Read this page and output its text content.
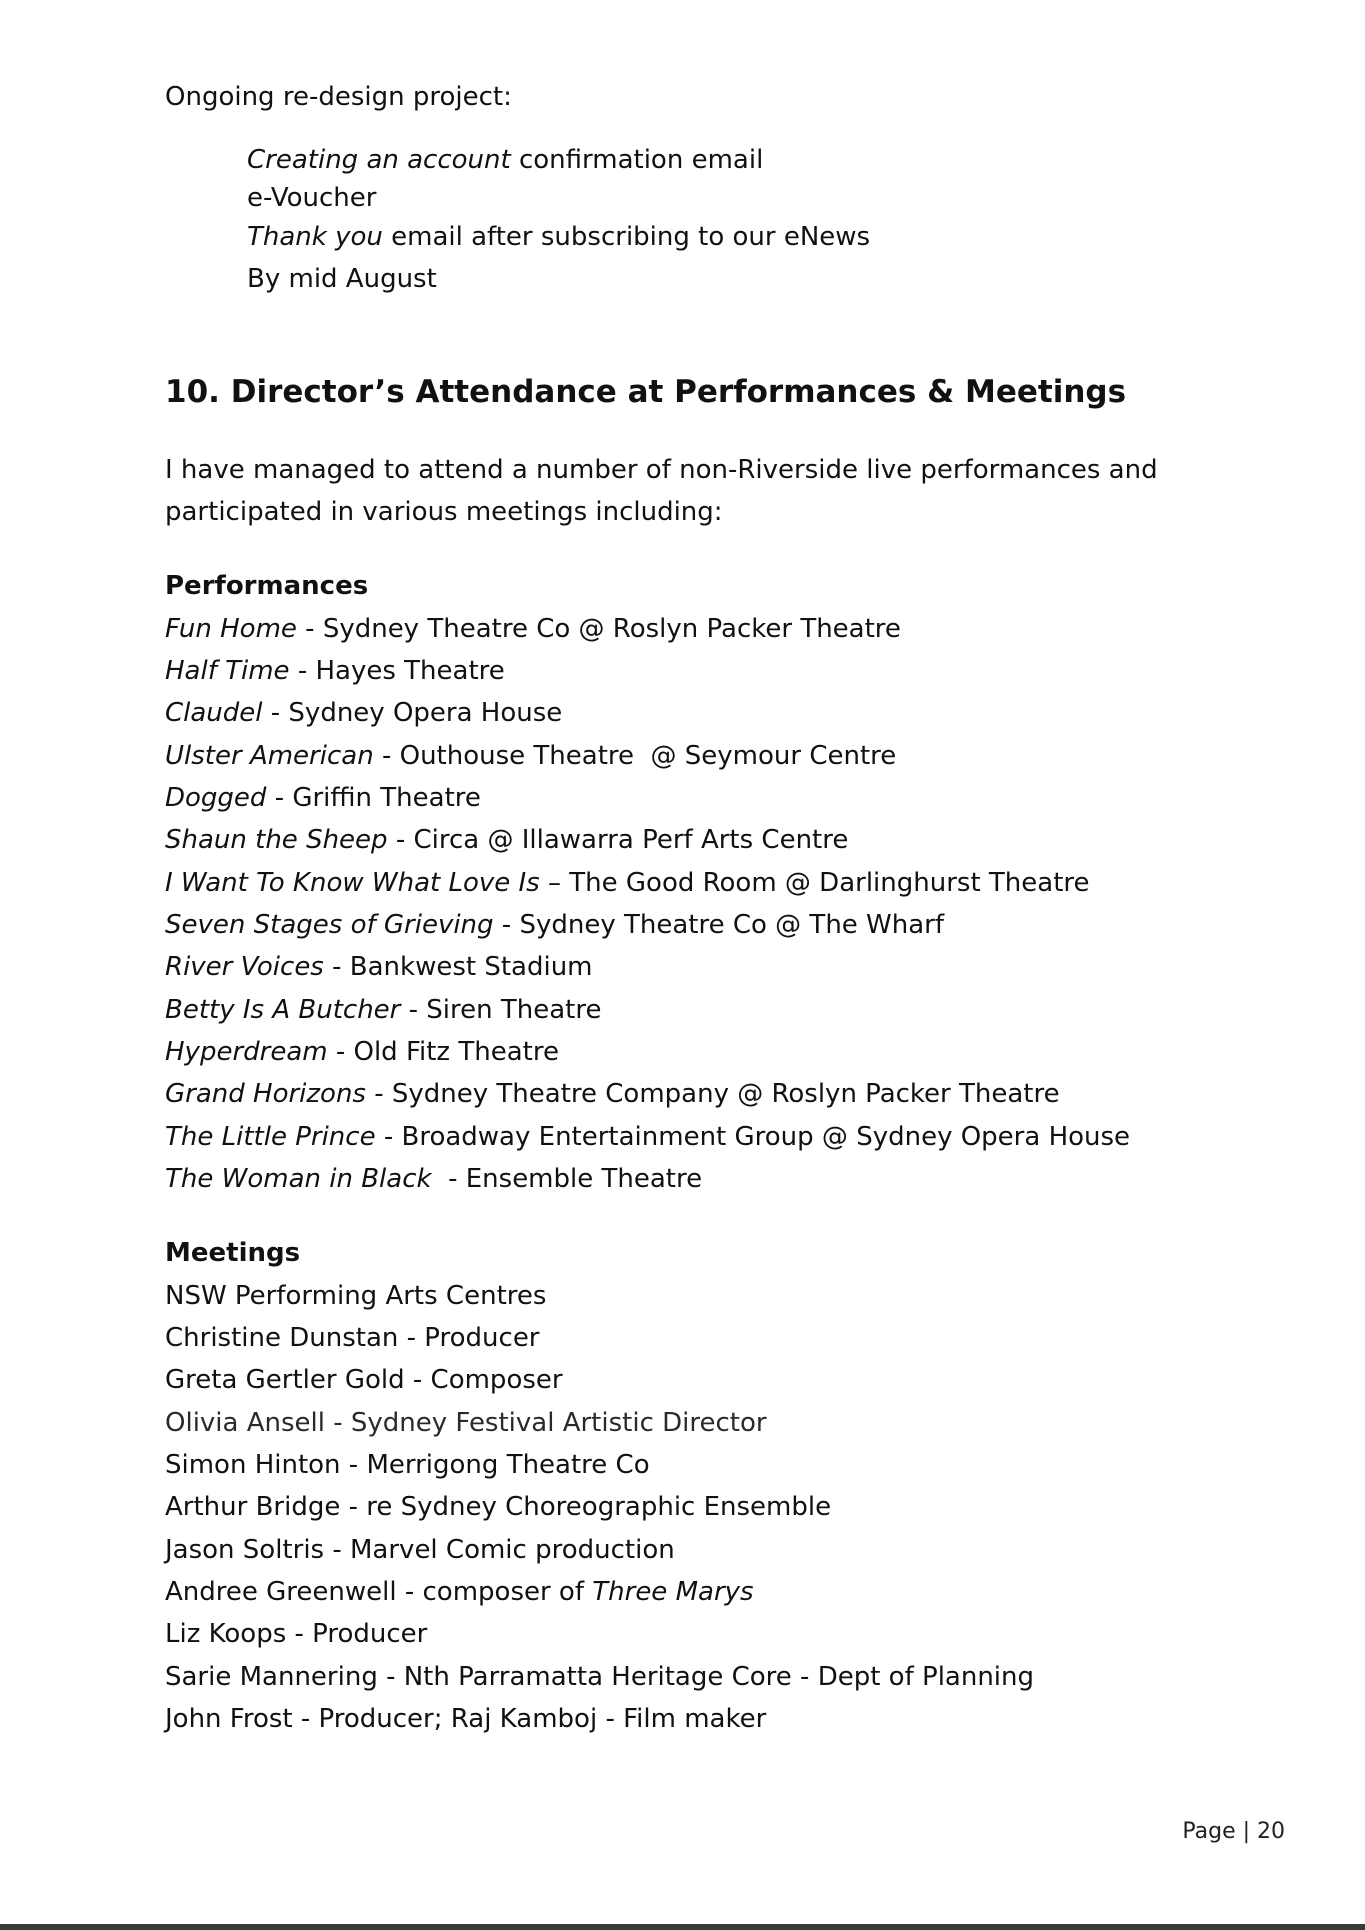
Ongoing re-design project:
Creating an account confirmation email
e-Voucher
Thank you email after subscribing to our eNews
By mid August
10. Director’s Attendance at Performances & Meetings
I have managed to attend a number of non-Riverside live performances and
participated in various meetings including:
Performances
Fun Home - Sydney Theatre Co @ Roslyn Packer Theatre
Half Time - Hayes Theatre
Claudel - Sydney Opera House
Ulster American - Outhouse Theatre  @ Seymour Centre
Dogged - Griffin Theatre
Shaun the Sheep - Circa @ Illawarra Perf Arts Centre
I Want To Know What Love Is – The Good Room @ Darlinghurst Theatre
Seven Stages of Grieving - Sydney Theatre Co @ The Wharf
River Voices - Bankwest Stadium
Betty Is A Butcher - Siren Theatre
Hyperdream - Old Fitz Theatre
Grand Horizons - Sydney Theatre Company @ Roslyn Packer Theatre
The Little Prince - Broadway Entertainment Group @ Sydney Opera House
The Woman in Black  - Ensemble Theatre
Meetings
NSW Performing Arts Centres
Christine Dunstan - Producer
Greta Gertler Gold - Composer
Olivia Ansell - Sydney Festival Artistic Director
Simon Hinton - Merrigong Theatre Co
Arthur Bridge - re Sydney Choreographic Ensemble
Jason Soltris - Marvel Comic production
Andree Greenwell - composer of Three Marys
Liz Koops - Producer
Sarie Mannering - Nth Parramatta Heritage Core - Dept of Planning
John Frost - Producer; Raj Kamboj - Film maker
Page | 20
